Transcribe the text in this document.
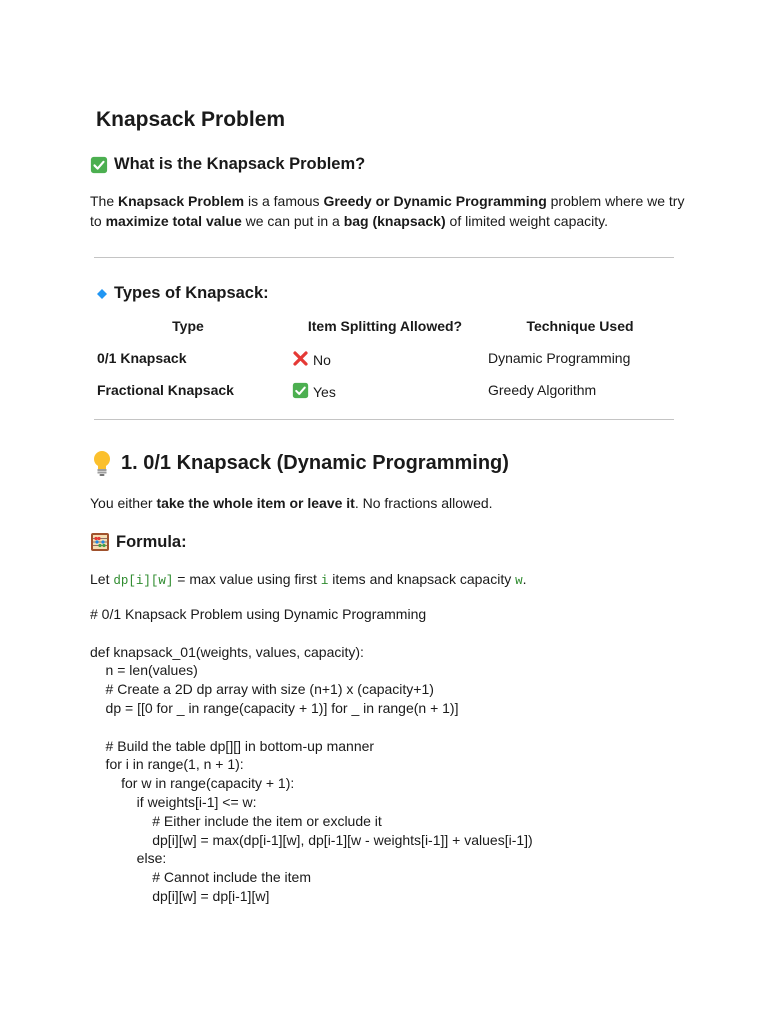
Knapsack Problem
What is the Knapsack Problem?
The Knapsack Problem is a famous Greedy or Dynamic Programming problem where we try to maximize total value we can put in a bag (knapsack) of limited weight capacity.
Types of Knapsack:
Type	Item Splitting Allowed?	Technique Used
0/1 Knapsack	No	Dynamic Programming
Fractional Knapsack	Yes	Greedy Algorithm
1. 0/1 Knapsack (Dynamic Programming)
You either take the whole item or leave it. No fractions allowed.
Formula:
Let dp[i][w] = max value using first i items and knapsack capacity w.
# 0/1 Knapsack Problem using Dynamic Programming
def knapsack_01(weights, values, capacity):
n = len(values)
# Create a 2D dp array with size (n+1) x (capacity+1)
dp = [[0 for _ in range(capacity + 1)] for _ in range(n + 1)]
# Build the table dp[][] in bottom-up manner
for i in range(1, n + 1):
for w in range(capacity + 1):
if weights[i-1] <= w:
# Either include the item or exclude it
dp[i][w] = max(dp[i-1][w], dp[i-1][w - weights[i-1]] + values[i-1])
else:
# Cannot include the item
dp[i][w] = dp[i-1][w]
